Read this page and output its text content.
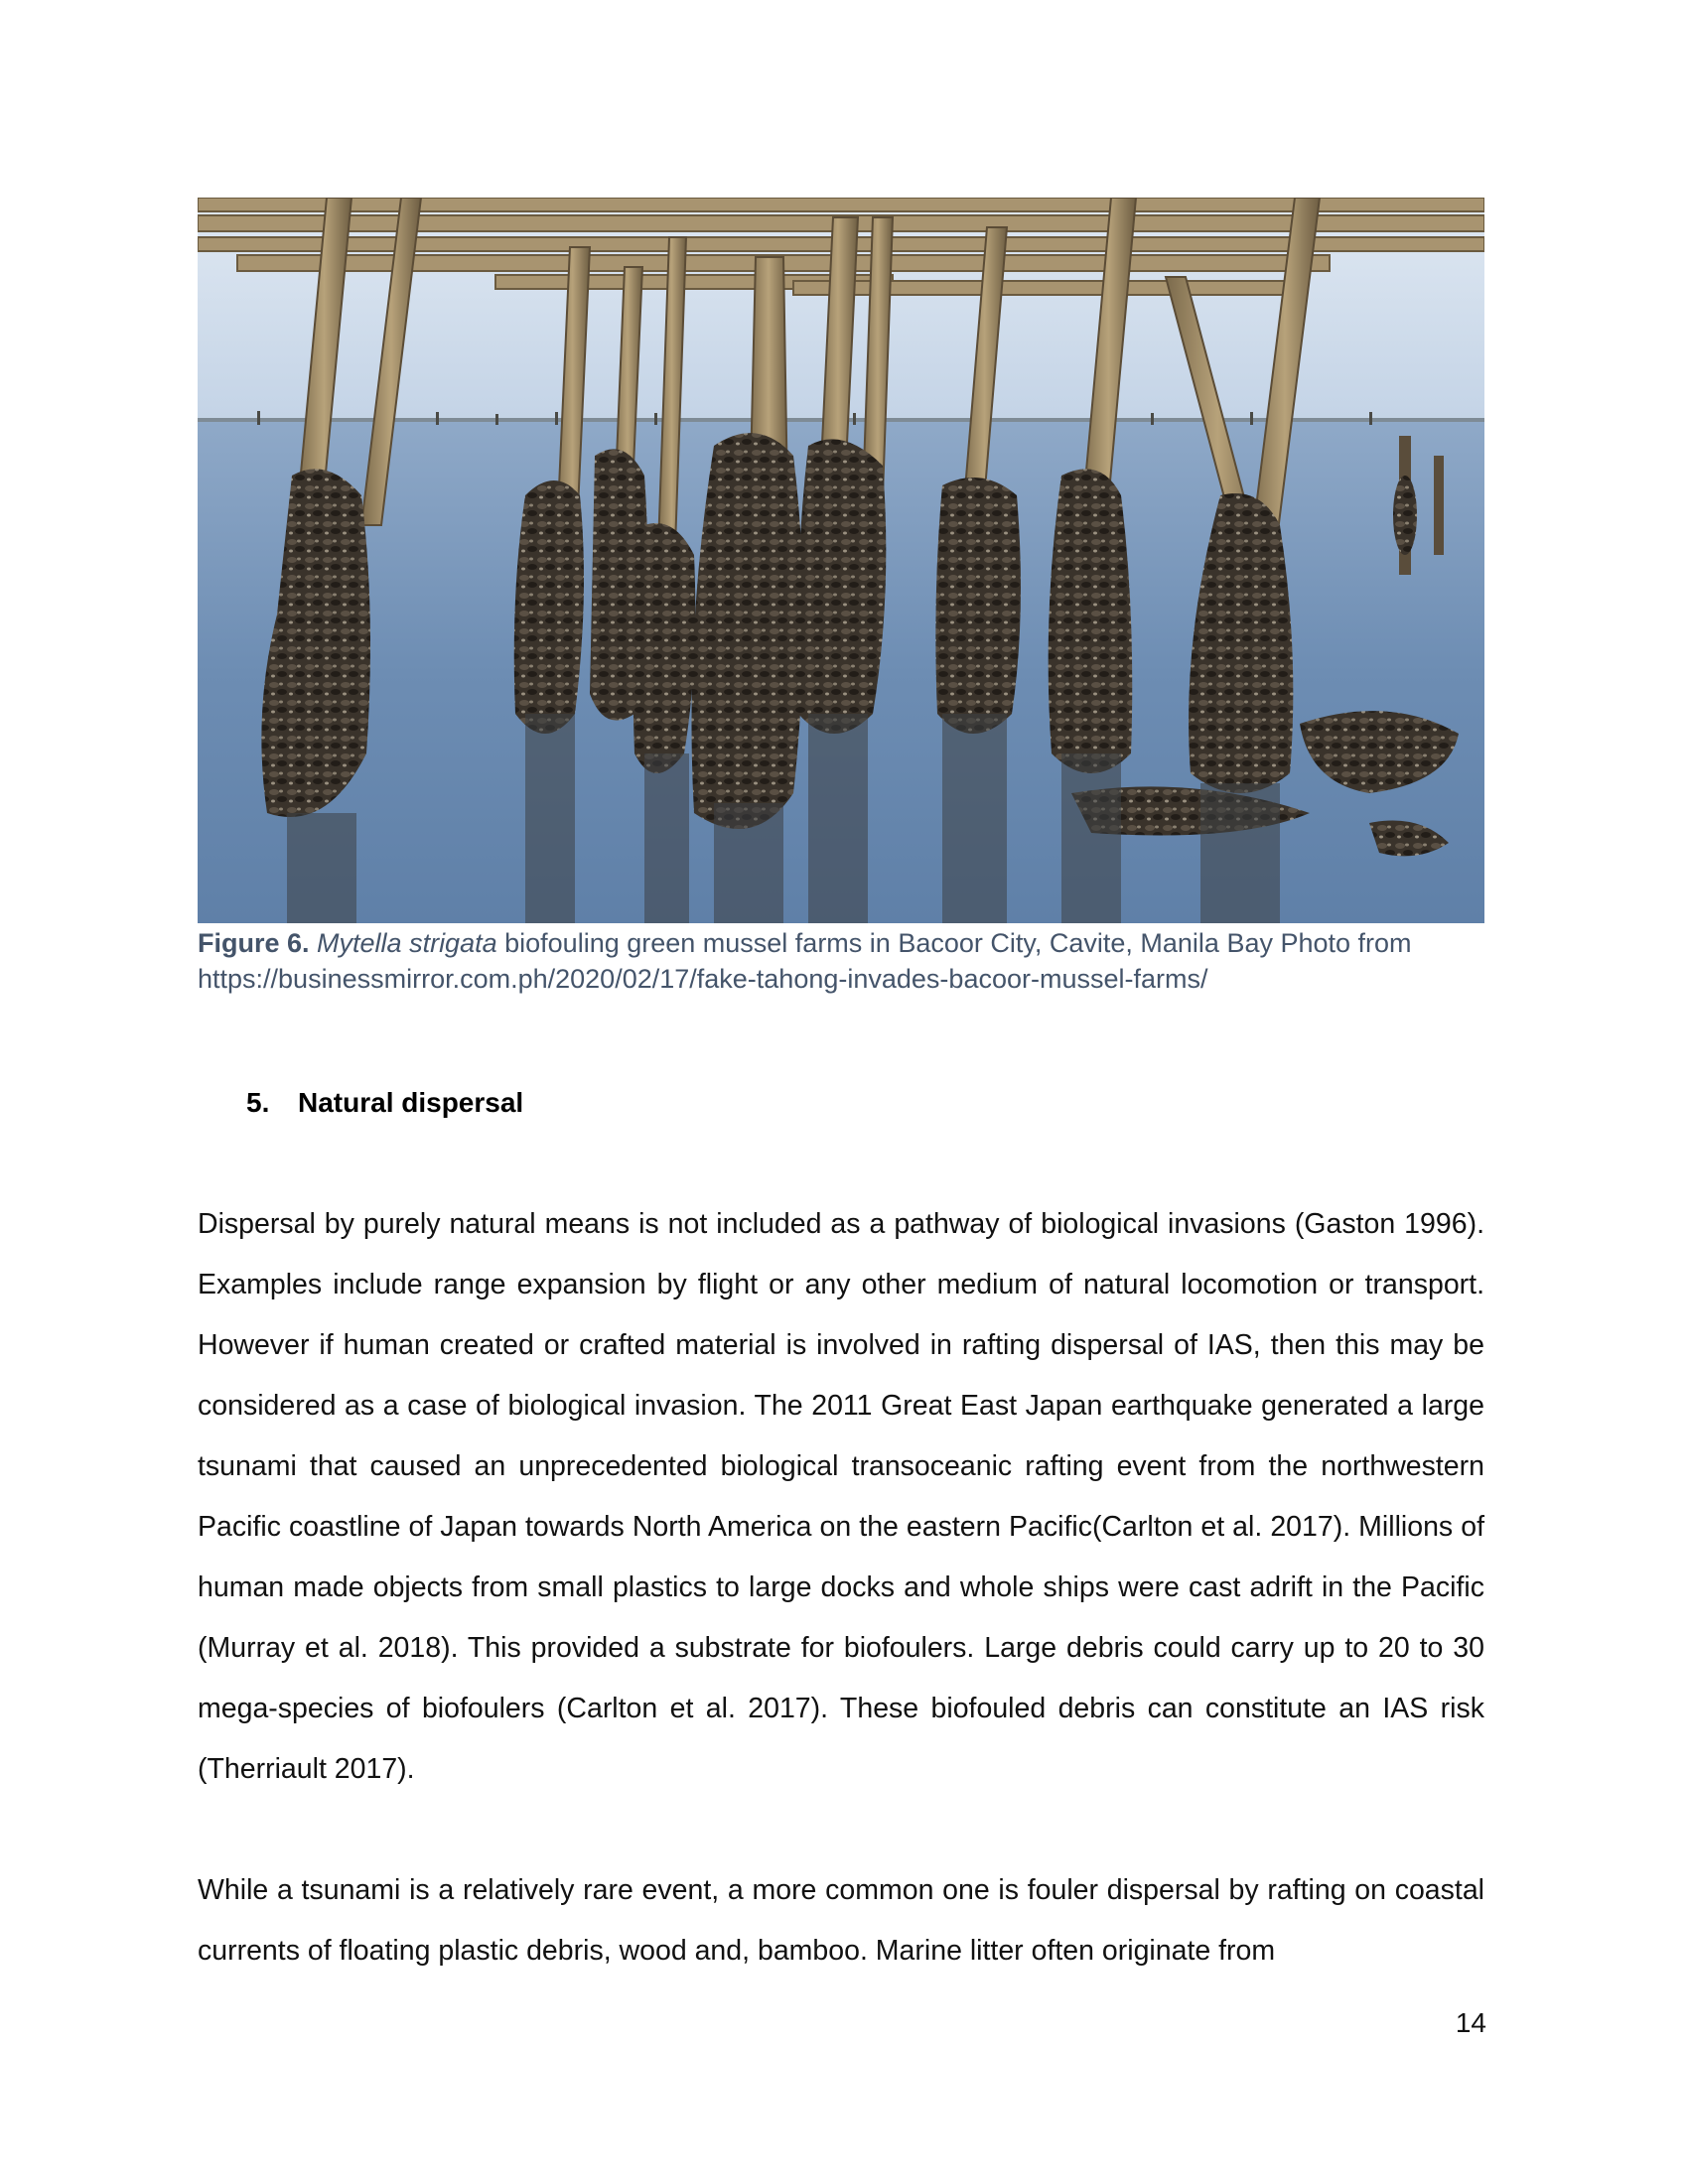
Figure 6. Mytella strigata biofouling green mussel farms in Bacoor City, Cavite, Manila Bay Photo from https://businessmirror.com.ph/2020/02/17/fake-tahong-invades-bacoor-mussel-farms/
5. Natural dispersal

Dispersal by purely natural means is not included as a pathway of biological invasions (Gaston 1996). Examples include range expansion by flight or any other medium of natural locomotion or transport. However if human created or crafted material is involved in rafting dispersal of IAS, then this may be considered as a case of biological invasion. The 2011 Great East Japan earthquake generated a large tsunami that caused an unprecedented biological transoceanic rafting event from the northwestern Pacific coastline of Japan towards North America on the eastern Pacific(Carlton et al. 2017). Millions of human made objects from small plastics to large docks and whole ships were cast adrift in the Pacific (Murray et al. 2018). This provided a substrate for biofoulers. Large debris could carry up to 20 to 30 mega-species of biofoulers (Carlton et al. 2017). These biofouled debris can constitute an IAS risk (Therriault 2017).

While a tsunami is a relatively rare event, a more common one is fouler dispersal by rafting on coastal currents of floating plastic debris, wood and, bamboo. Marine litter often originate from

14
